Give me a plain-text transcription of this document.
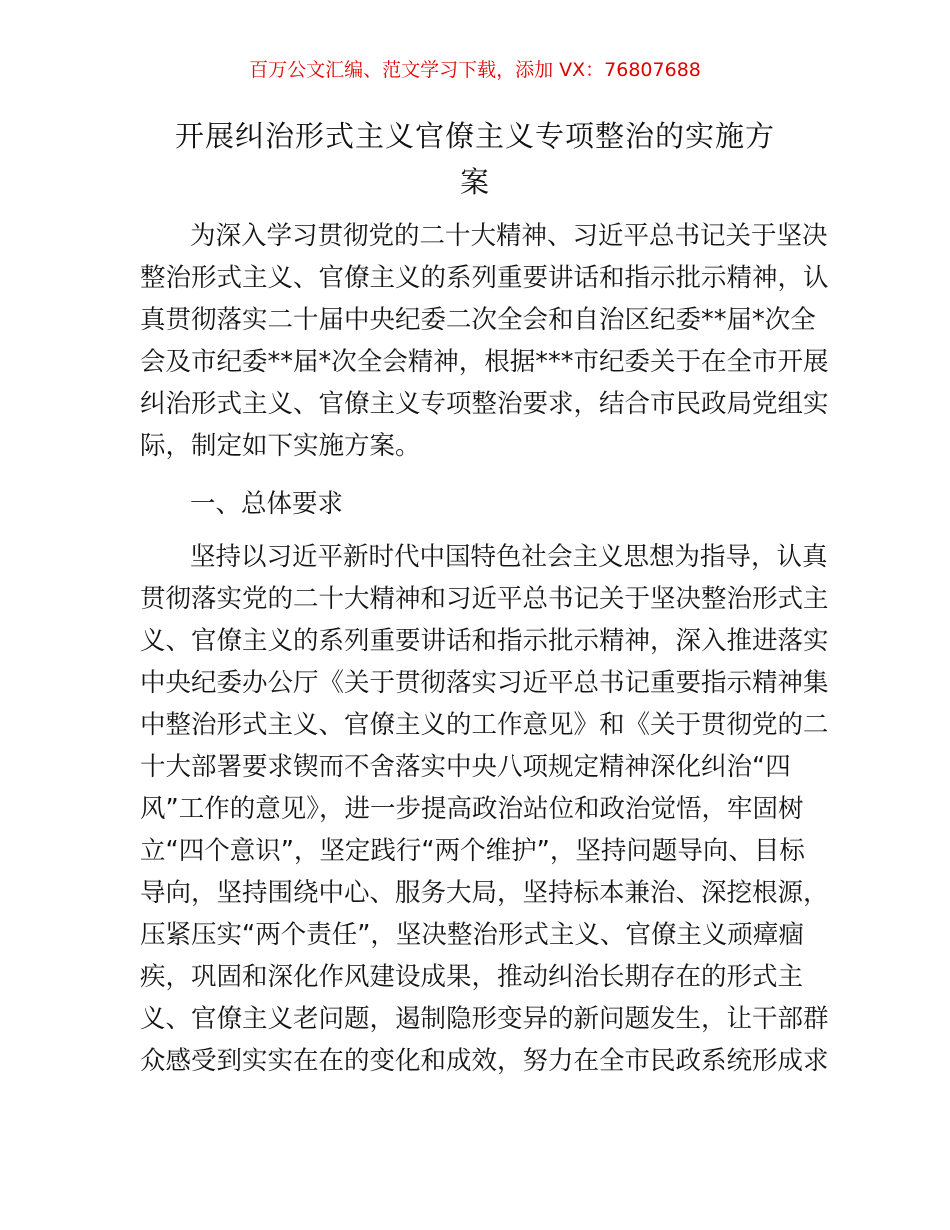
百万公文汇编、范文学习下载，添加 VX：76807688
开展纠治形式主义官僚主义专项整治的实施方
案
为深入学习贯彻党的二十大精神、习近平总书记关于坚决
整治形式主义、官僚主义的系列重要讲话和指示批示精神，认
真贯彻落实二十届中央纪委二次全会和自治区纪委**届*次全
会及市纪委**届*次全会精神，根据***市纪委关于在全市开展
纠治形式主义、官僚主义专项整治要求，结合市民政局党组实
际，制定如下实施方案。
一、总体要求
坚持以习近平新时代中国特色社会主义思想为指导，认真
贯彻落实党的二十大精神和习近平总书记关于坚决整治形式主
义、官僚主义的系列重要讲话和指示批示精神，深入推进落实
中央纪委办公厅《关于贯彻落实习近平总书记重要指示精神集
中整治形式主义、官僚主义的工作意见》和《关于贯彻党的二
十大部署要求锲而不舍落实中央八项规定精神深化纠治“四
风”工作的意见》，进一步提高政治站位和政治觉悟，牢固树
立“四个意识”，坚定践行“两个维护”，坚持问题导向、目标
导向，坚持围绕中心、服务大局，坚持标本兼治、深挖根源，
压紧压实“两个责任”，坚决整治形式主义、官僚主义顽瘴痼
疾，巩固和深化作风建设成果，推动纠治长期存在的形式主
义、官僚主义老问题，遏制隐形变异的新问题发生，让干部群
众感受到实实在在的变化和成效，努力在全市民政系统形成求
